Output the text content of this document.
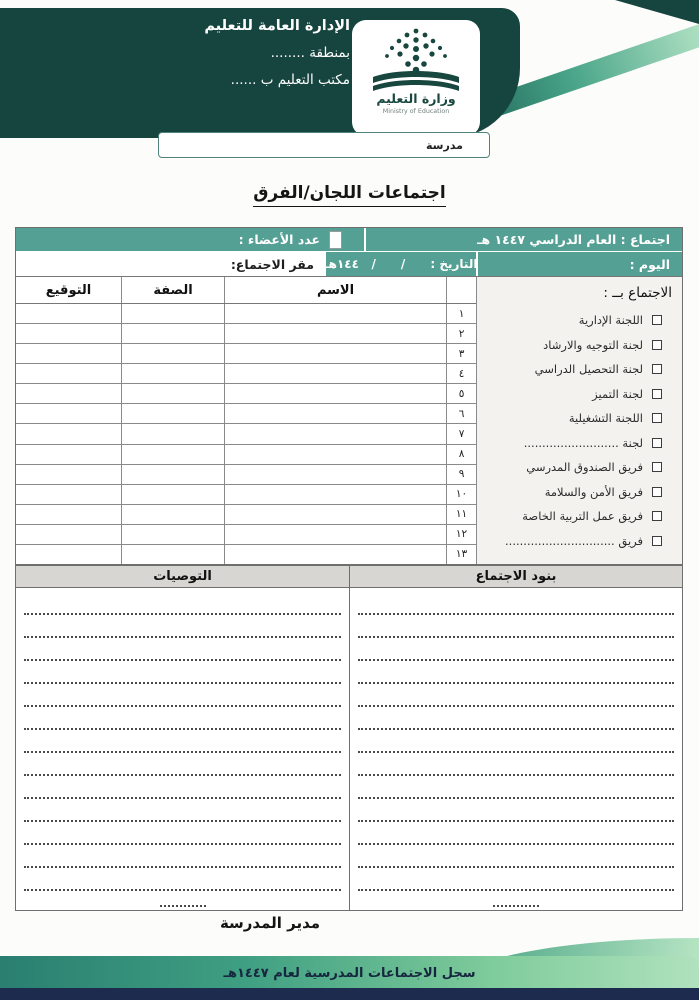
الإدارة العامة للتعليم
بمنطقة ........
مكتب التعليم ب ......
وزارة التعليم
Ministry of Education
مدرسة
اجتماعات اللجان/الفرق
اجتماع : العام الدراسي ١٤٤٧ هـ
عدد الأعضاء :
اليوم :
التاريخ :      /      /   ١٤٤هـ
مقر الاجتماع:
الاجتماع بــ :
اللجنة الإدارية
لجنة التوجيه والارشاد
لجنة التحصيل الدراسي
لجنة التميز
اللجنة التشغيلية
لجنة ..........................
فريق الصندوق المدرسي
فريق الأمن والسلامة
فريق عمل التربية الخاصة
فريق ..............................
الاسم
الصفة
التوقيع
١
٢
٣
٤
٥
٦
٧
٨
٩
١٠
١١
١٢
١٣
بنود الاجتماع
التوصيات
مدير المدرسة
سجل الاجتماعات المدرسية لعام ١٤٤٧هـ
